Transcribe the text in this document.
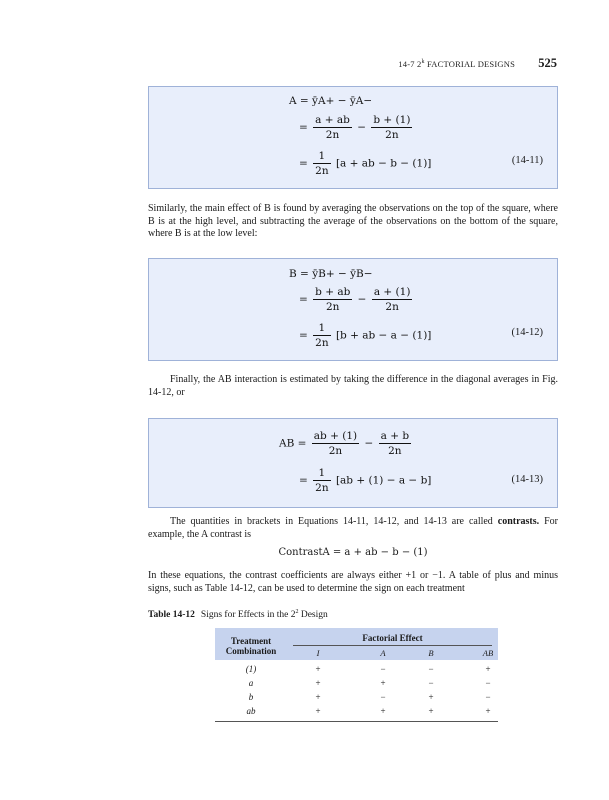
14-7 2$^k$ FACTORIAL DESIGNS 525
A = ȳA+ − ȳA−
= $\frac{a + ab}{2n} - \frac{b + (1)}{2n}$
= $\frac{1}{2n} [a$ + ab − b − (1)]	(14-11)
Similarly, the main effect of B is found by averaging the observations on the top of the square, where B is at the high level, and subtracting the average of the observations on the bottom of the square, where B is at the low level:
B = ȳB+ − ȳB−
= $\frac{b + ab}{2n} - \frac{a + (1)}{2n}$
= $\frac{1}{2n} [b$ + ab − a − (1)]	(14-12)
Finally, the AB interaction is estimated by taking the difference in the diagonal averages in Fig. 14-12, or
AB = $\frac{ab + (1)}{2n} - \frac{a + b}{2n}$
= $\frac{1}{2n} [ab + (1) - a - b]$	(14-13)
The quantities in brackets in Equations 14-11, 14-12, and 14-13 are called contrasts. For example, the A contrast is
ContrastA = a + ab − b − (1)
In these equations, the contrast coefficients are always either +1 or −1. A table of plus and minus signs, such as Table 14-12, can be used to determine the sign on each treatment
Table 14-12 Signs for Effects in the $2^2$ Design
Treatment
Combination
Factorial Effect
I	A	B	AB
(1)	+	−	−	+
a	+	+	−	−
b	+	−	+	−
ab	+	+	+	+
